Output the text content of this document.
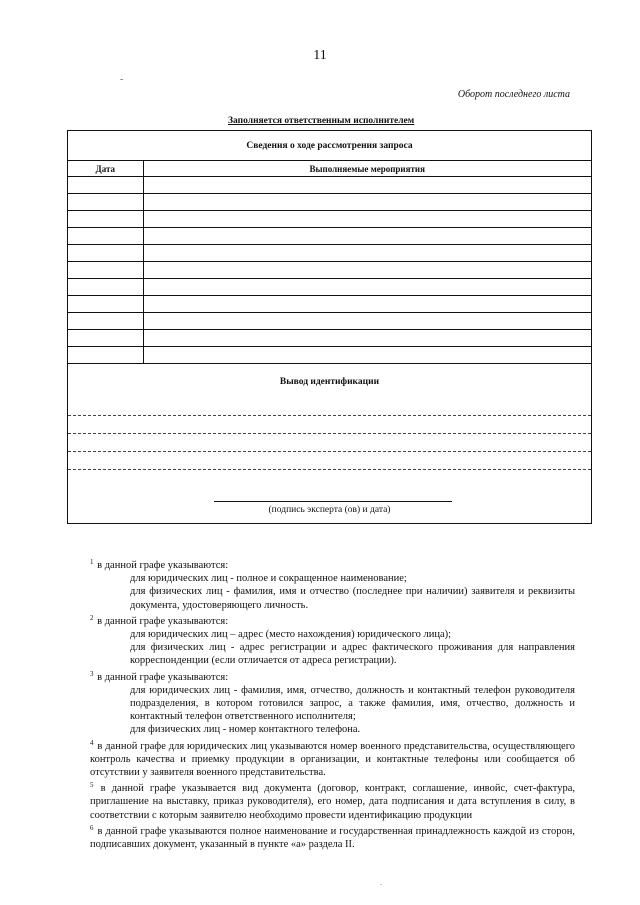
11
-
Оборот последнего листа
Заполняется ответственным исполнителем
Сведения о ходе рассмотрения запроса
Дата	Выполняемые мероприятия

Вывод идентификации
(подпись эксперта (ов) и дата)

$^1$ в данной графе указываются:

для юридических лиц - полное и сокращенное наименование;

для физических лиц - фамилия, имя и отчество (последнее при наличии) заявителя и реквизиты документа, удостоверяющего личность.

$^2$ в данной графе указываются:

для юридических лиц – адрес (место нахождения) юридического лица);

для физических лиц - адрес регистрации и адрес фактического проживания для направления корреспонденции (если отличается от адреса регистрации).

$^3$ в данной графе указываются:

для юридических лиц - фамилия, имя, отчество, должность и контактный телефон руководителя подразделения, в котором готовился запрос, а также фамилия, имя, отчество, должность и контактный телефон ответственного исполнителя;

для физических лиц - номер контактного телефона.

$^4$ в данной графе для юридических лиц указываются номер военного представительства, осуществляющего контроль качества и приемку продукции в организации, и контактные телефоны или сообщается об отсутствии у заявителя военного представительства.

$^5$ в данной графе указывается вид документа (договор, контракт, соглашение, инвойс, счет-фактура, приглашение на выставку, приказ руководителя), его номер, дата подписания и дата вступления в силу, в соответствии с которым заявителю необходимо провести идентификацию продукции

$^6$ в данной графе указываются полное наименование и государственная принадлежность каждой из сторон, подписавших документ, указанный в пункте «а» раздела II.

.
